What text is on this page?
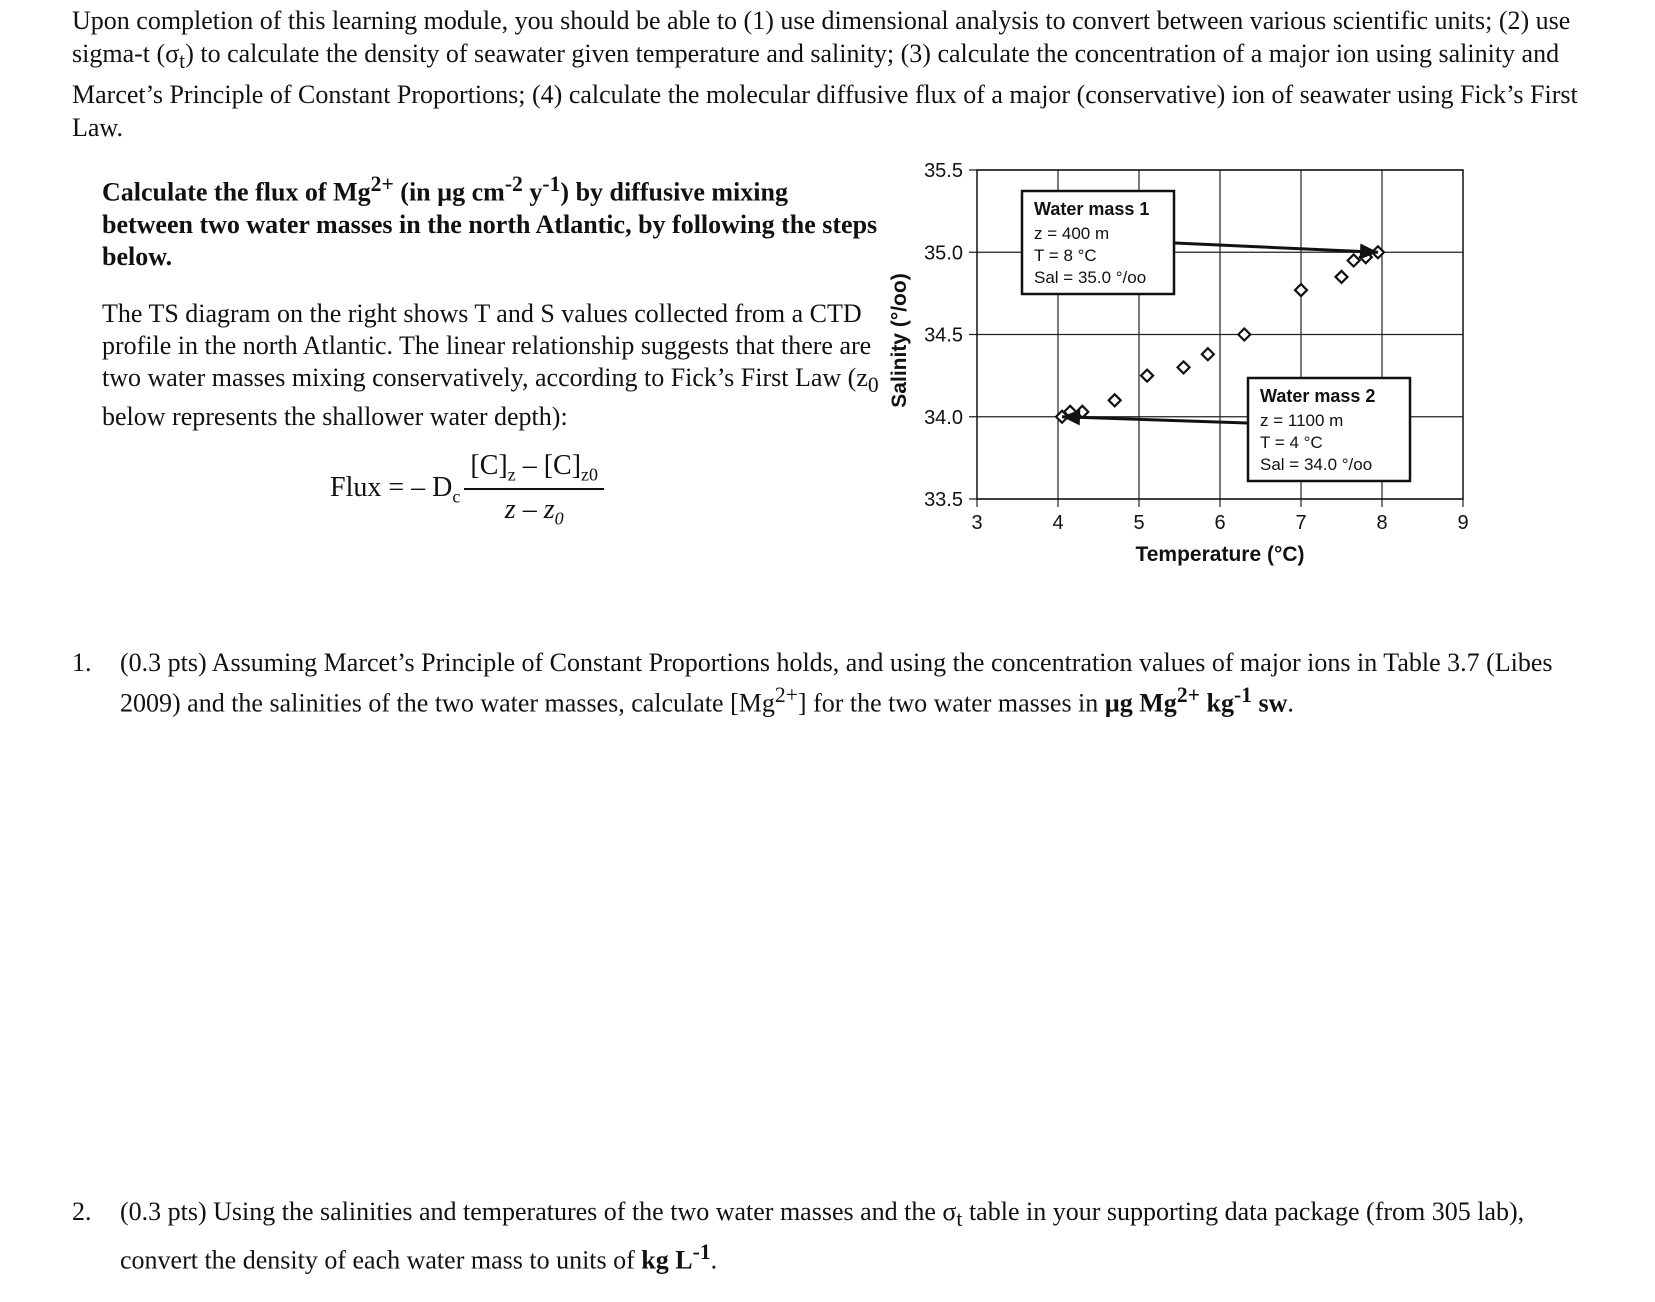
Upon completion of this learning module, you should be able to (1) use dimensional analysis to convert between various scientific units; (2) use sigma-t $(\sigma_t)$ to calculate the density of seawater given temperature and salinity; (3) calculate the concentration of a major ion using salinity and Marcet’s Principle of Constant Proportions; (4) calculate the molecular diffusive flux of a major (conservative) ion of seawater using Fick’s First Law.

Calculate the flux of $Mg^{2+}$ (in µg $cm^{-2}$ $y^{-1}$) by diffusive mixing between two water masses in the north Atlantic, by following the steps below.

The TS diagram on the right shows T and S values collected from a CTD profile in the north Atlantic. The linear relationship suggests that there are two water masses mixing conservatively, according to Fick’s First Law ($z_0$ below represents the shallower water depth):

Flux = – $D_c \frac{[C]_z - [C]_{z0}}{z - z_0}$
35.5
35.0
34.5
34.0
33.5
3	4	5	6	7	8	9
Water mass 1
z = 400 m
T = 8 °C
Sal = 35.0 °/oo
Water mass 2
z = 1100 m
T = 4 °C
Sal = 34.0 °/oo
Temperature (°C)
Salinity (°/oo)
1.	(0.3 pts) Assuming Marcet’s Principle of Constant Proportions holds, and using the concentration values of major ions in Table 3.7 (Libes 2009) and the salinities of the two water masses, calculate $[Mg^{2+}]$ for the two water masses in µg $Mg^{2+}$ $kg^{-1}$ sw.
2.	(0.3 pts) Using the salinities and temperatures of the two water masses and the $\sigma_t$ table in your supporting data package (from 305 lab), convert the density of each water mass to units of kg $L^{-1}$.
